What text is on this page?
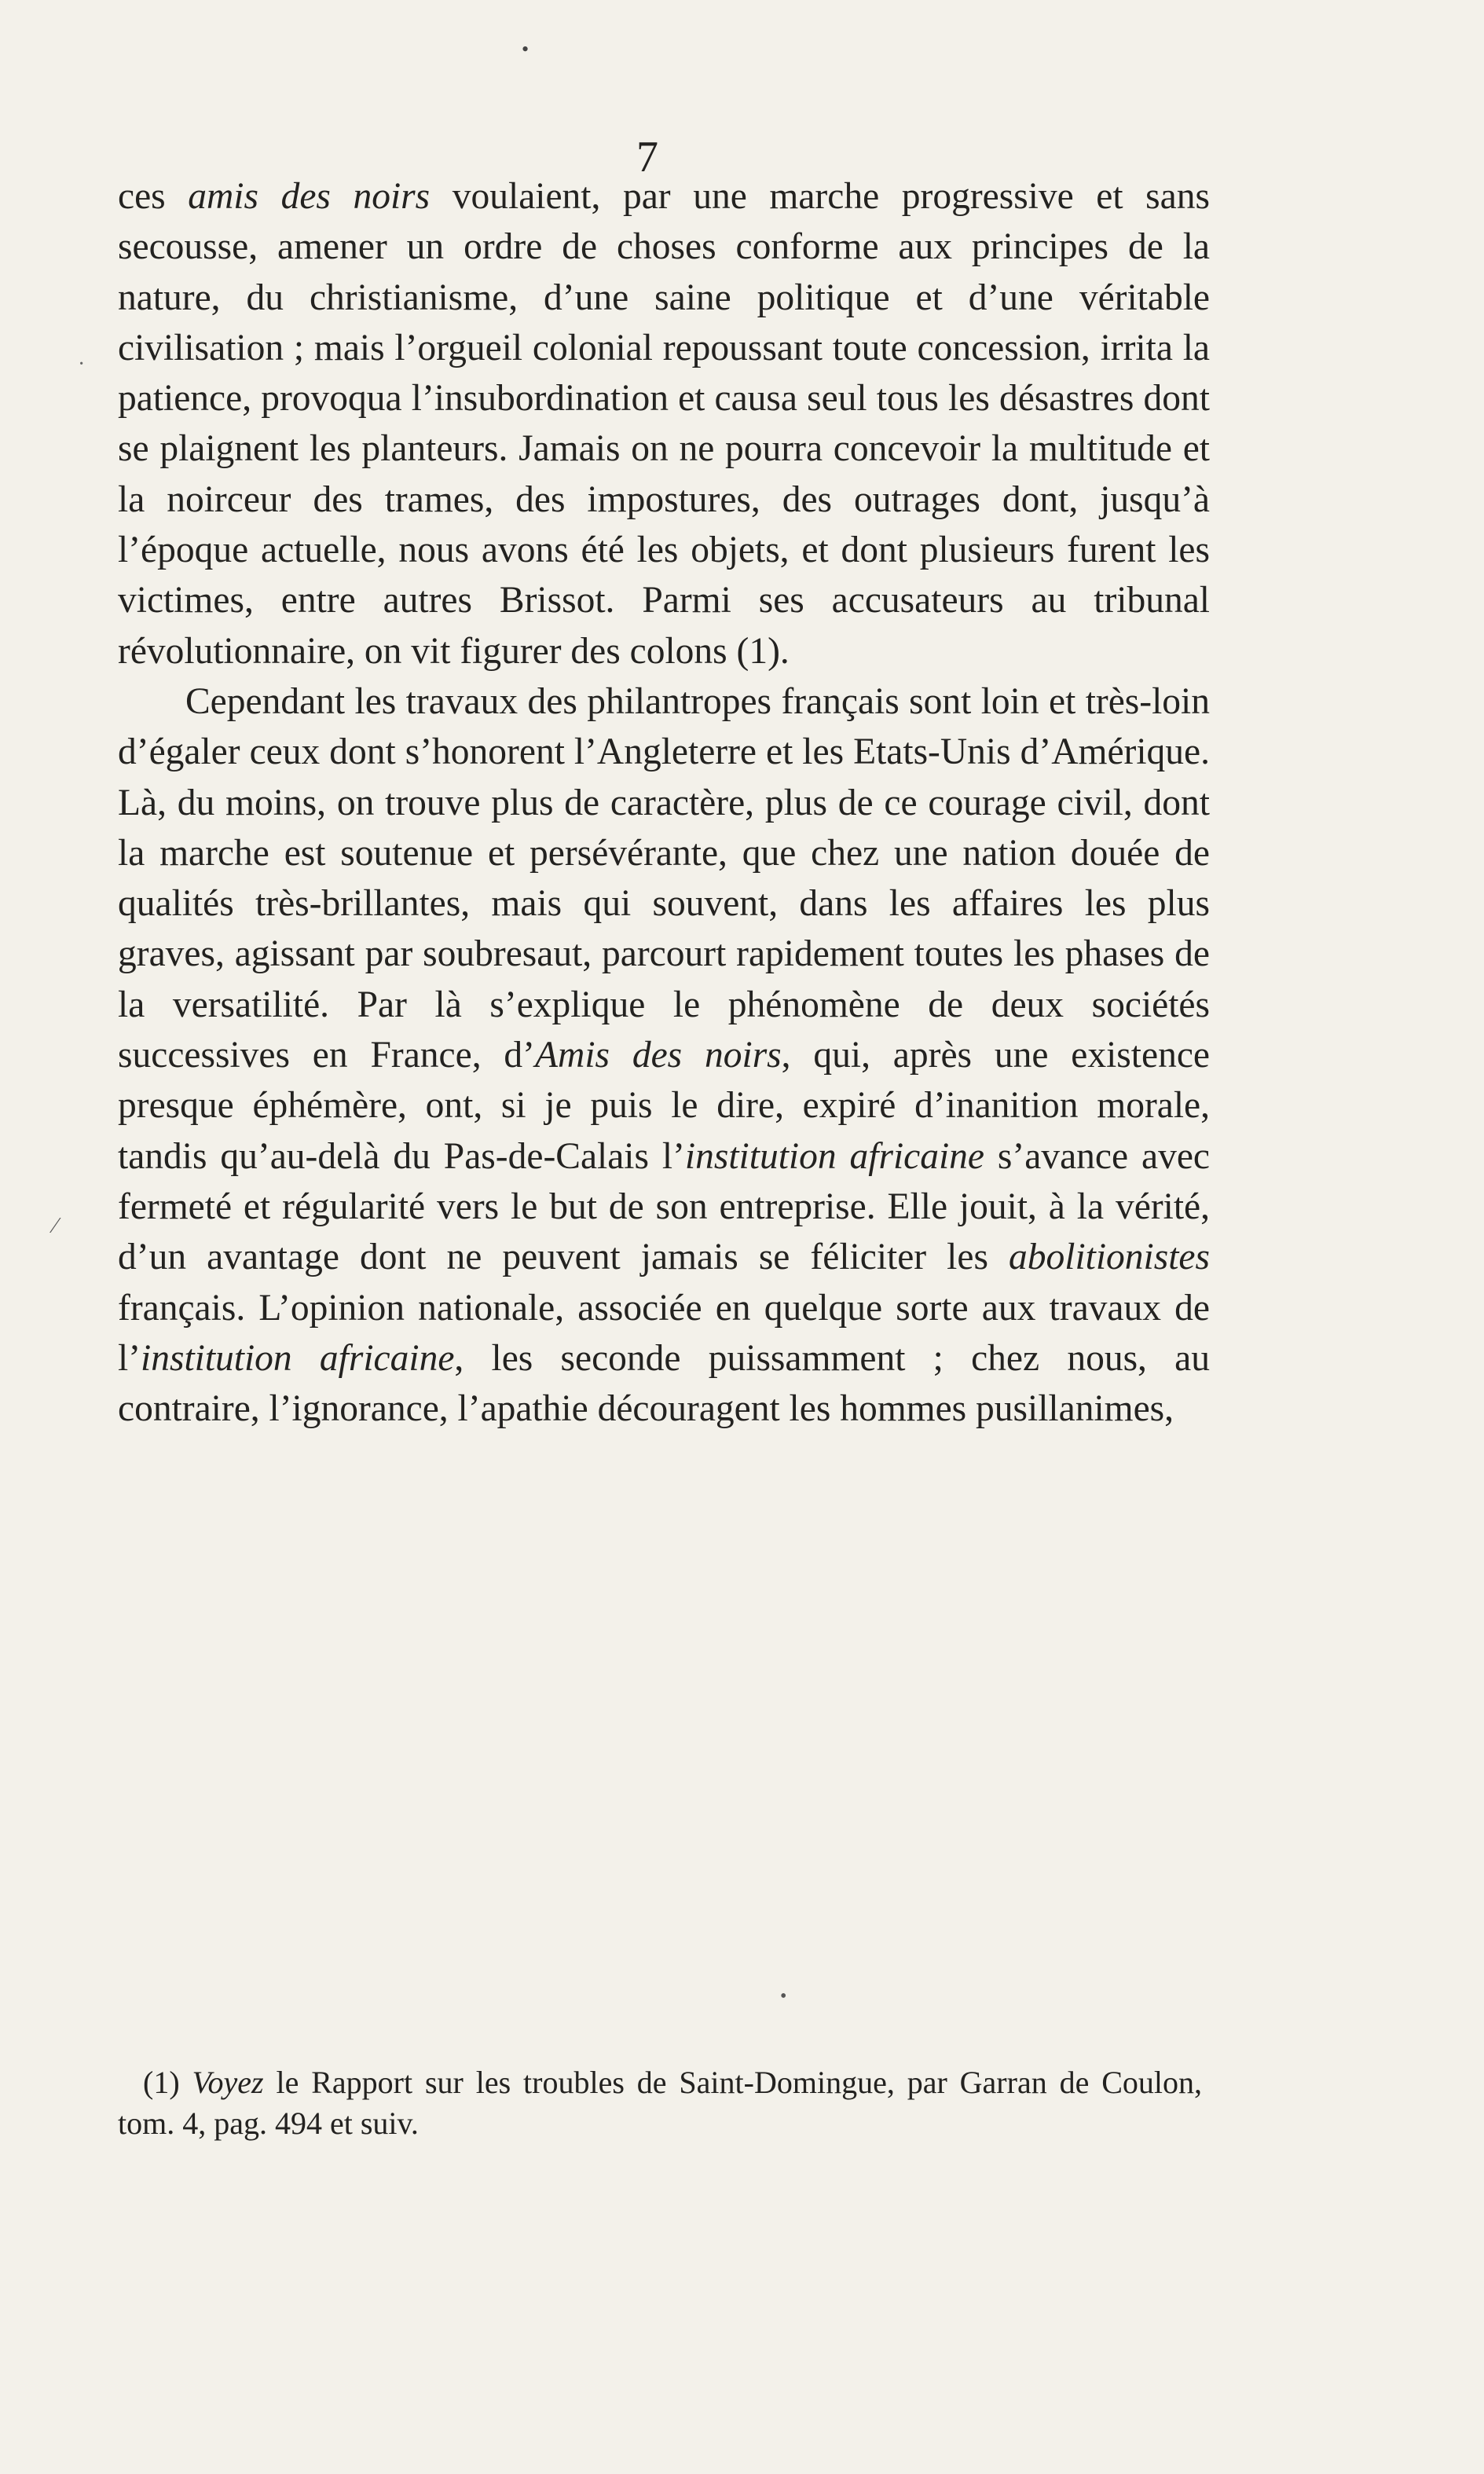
•
7
·
⁄

ces amis des noirs voulaient, par une marche progressive et sans secousse, amener un ordre de choses conforme aux principes de la nature, du christianisme, d’une saine politique et d’une véritable civilisation ; mais l’orgueil colonial repoussant toute concession, irrita la patience, provoqua l’insubordination et causa seul tous les désastres dont se plaignent les planteurs. Jamais on ne pourra concevoir la multitude et la noirceur des trames, des impostures, des outrages dont, jusqu’à l’époque actuelle, nous avons été les objets, et dont plusieurs furent les victimes, entre autres Brissot. Parmi ses accusateurs au tribunal révolutionnaire, on vit figurer des colons (1).

Cependant les travaux des philantropes français sont loin et très-loin d’égaler ceux dont s’honorent l’Angleterre et les Etats-Unis d’Amérique. Là, du moins, on trouve plus de caractère, plus de ce courage civil, dont la marche est soutenue et persévérante, que chez une nation douée de qualités très-brillantes, mais qui souvent, dans les affaires les plus graves, agissant par soubresaut, parcourt rapidement toutes les phases de la versatilité. Par là s’explique le phénomène de deux sociétés successives en France, d’Amis des noirs, qui, après une existence presque éphémère, ont, si je puis le dire, expiré d’inanition morale, tandis qu’au-delà du Pas-de-Calais l’institution africaine s’avance avec fermeté et régularité vers le but de son entreprise. Elle jouit, à la vérité, d’un avantage dont ne peuvent jamais se féliciter les abolitionistes français. L’opinion nationale, associée en quelque sorte aux travaux de l’institution africaine, les seconde puissamment ; chez nous, au contraire, l’ignorance, l’apathie découragent les hommes pusillanimes,

•

(1) Voyez le Rapport sur les troubles de Saint-Domingue, par Garran de Coulon, tom. 4, pag. 494 et suiv.
